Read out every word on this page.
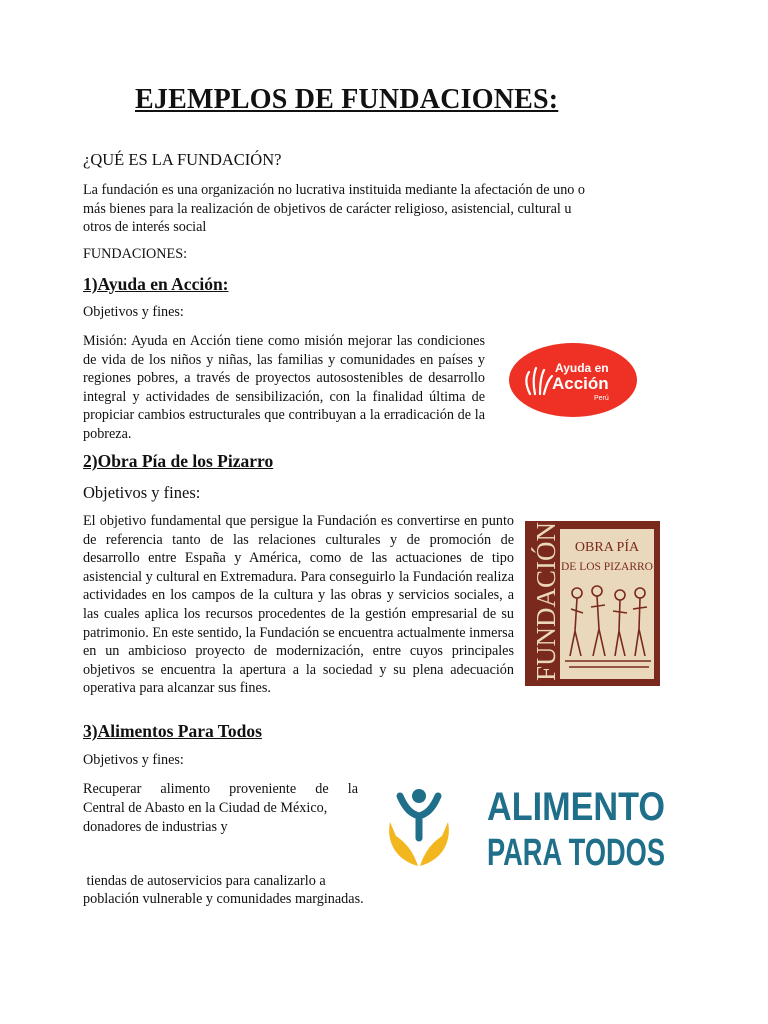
EJEMPLOS DE FUNDACIONES:
¿QUÉ ES LA FUNDACIÓN?
La fundación es una organización no lucrativa instituida mediante la afectación de uno o más bienes para la realización de objetivos de carácter religioso, asistencial, cultural u otros de interés social
FUNDACIONES:
1)Ayuda en Acción:
Objetivos y fines:
Misión: Ayuda en Acción tiene como misión mejorar las condiciones de vida de los niños y niñas, las familias y comunidades en países y regiones pobres, a través de proyectos autosostenibles de desarrollo integral y actividades de sensibilización, con la finalidad última de propiciar cambios estructurales que contribuyan a la erradicación de la pobreza.
Ayuda en
Acción
Perú
2)Obra Pía de los Pizarro
Objetivos y fines:
El objetivo fundamental que persigue la Fundación es convertirse en punto de referencia tanto de las relaciones culturales y de promoción de desarrollo entre España y América, como de las actuaciones de tipo asistencial y cultural en Extremadura. Para conseguirlo la Fundación realiza actividades en los campos de la cultura y las obras y servicios sociales, a las cuales aplica los recursos procedentes de la gestión empresarial de su patrimonio. En este sentido, la Fundación se encuentra actualmente inmersa en un ambicioso proyecto de modernización, entre cuyos principales objetivos se encuentra la apertura a la sociedad y su plena adecuación operativa para alcanzar sus fines.
FUNDACIÓN OBRA PÍA
DE LOS PIZARRO
3)Alimentos Para Todos
Objetivos y fines:
Recuperar alimento proveniente de la
Central de Abasto en la Ciudad de México,
donadores de industrias y
tiendas de autoservicios para canalizarlo a
población vulnerable y comunidades marginadas.
ALIMENTO
PARA TODOS
